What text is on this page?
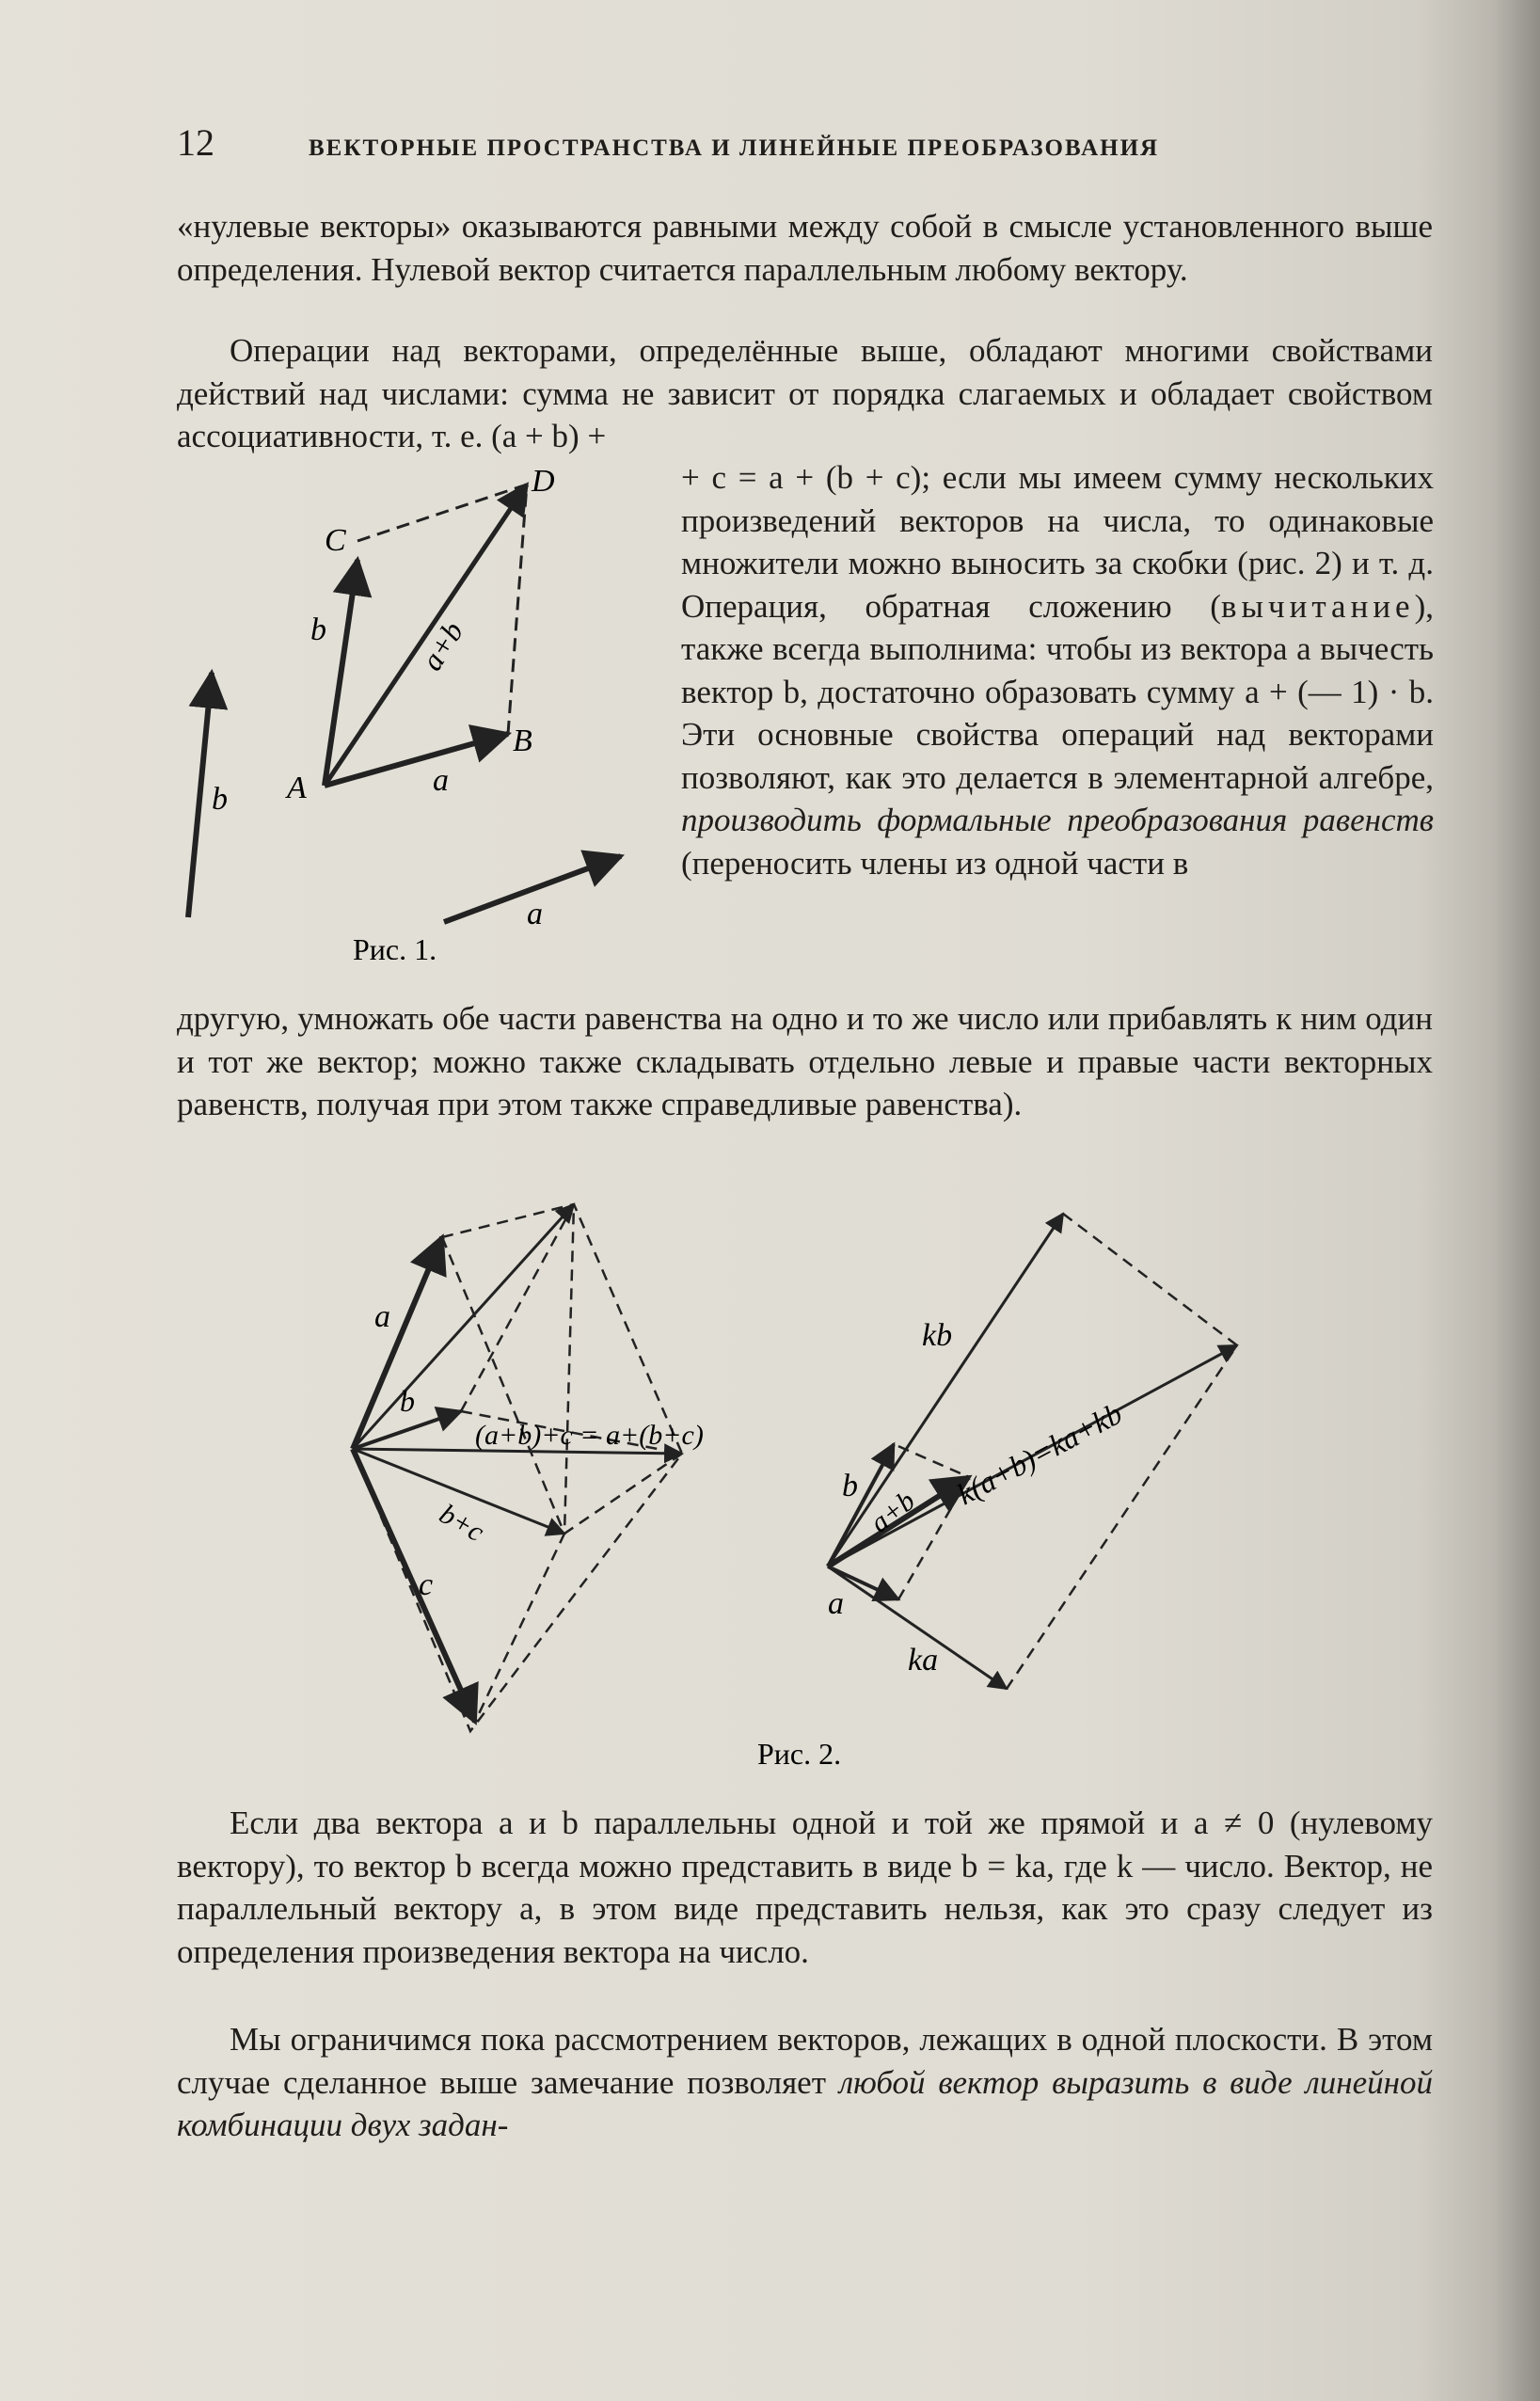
12	ВЕКТОРНЫЕ ПРОСТРАНСТВА И ЛИНЕЙНЫЕ ПРЕОБРАЗОВАНИЯ

«нулевые векторы» оказываются равными между собой в смысле установленного выше определения. Нулевой вектор считается параллельным любому вектору.

Операции над векторами, определённые выше, обладают многими свойствами действий над числами: сумма не зависит от порядка слагаемых и обладает свойством ассоциативности, т. е. (a + b) +

+ c = a + (b + c); если мы имеем сумму нескольких произведений векторов на числа, то одинаковые множители можно выносить за скобки (рис. 2) и т. д. Операция, обратная сложению (вычитание), также всегда выполнима: чтобы из вектора a вычесть вектор b, достаточно образовать сумму a + (— 1) · b. Эти основные свойства операций над векторами позволяют, как это делается в элементарной алгебре, производить формальные преобразования равенств (переносить члены из одной части в

другую, умножать обе части равенства на одно и то же число или прибавлять к ним один и тот же вектор; можно также складывать отдельно левые и правые части векторных равенств, получая при этом также справедливые равенства).

b
a
C
D
A
B
b
a
a+b
Рис. 1.
a
b
c
b+c
(a+b)+c = a+(b+c)
kb
b a+b
a
ka
k(a+b)=ka+kb
Рис. 2.

Если два вектора a и b параллельны одной и той же прямой и a ≠ 0 (нулевому вектору), то вектор b всегда можно представить в виде b = ka, где k — число. Вектор, не параллельный вектору a, в этом виде представить нельзя, как это сразу следует из определения произведения вектора на число.

Мы ограничимся пока рассмотрением векторов, лежащих в одной плоскости. В этом случае сделанное выше замечание позволяет любой вектор выразить в виде линейной комбинации двух задан-
